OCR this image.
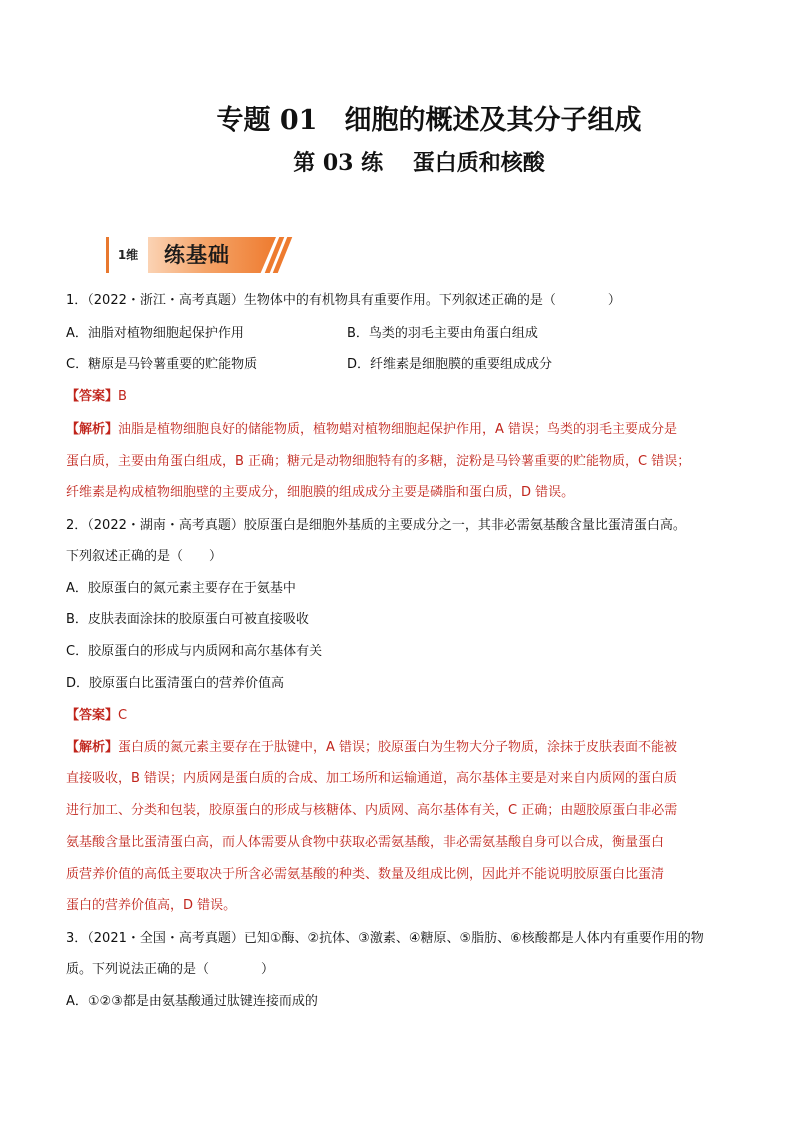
专题 01　细胞的概述及其分子组成
第 03 练　 蛋白质和核酸
1维	练基础
1．（2022・浙江・高考真题）生物体中的有机物具有重要作用。下列叙述正确的是（　　　　）
A．油脂对植物细胞起保护作用	B．鸟类的羽毛主要由角蛋白组成
C．糖原是马铃薯重要的贮能物质	D．纤维素是细胞膜的重要组成成分
【答案】B
【解析】油脂是植物细胞良好的储能物质，植物蜡对植物细胞起保护作用，A 错误；鸟类的羽毛主要成分是
蛋白质，主要由角蛋白组成，B 正确；糖元是动物细胞特有的多糖，淀粉是马铃薯重要的贮能物质，C 错误；
纤维素是构成植物细胞壁的主要成分，细胞膜的组成成分主要是磷脂和蛋白质，D 错误。
2．（2022・湖南・高考真题）胶原蛋白是细胞外基质的主要成分之一，其非必需氨基酸含量比蛋清蛋白高。
下列叙述正确的是（　　）
A．胶原蛋白的氮元素主要存在于氨基中
B．皮肤表面涂抹的胶原蛋白可被直接吸收
C．胶原蛋白的形成与内质网和高尔基体有关
D．胶原蛋白比蛋清蛋白的营养价值高
【答案】C
【解析】蛋白质的氮元素主要存在于肽键中，A 错误；胶原蛋白为生物大分子物质，涂抹于皮肤表面不能被
直接吸收，B 错误；内质网是蛋白质的合成、加工场所和运输通道，高尔基体主要是对来自内质网的蛋白质
进行加工、分类和包装，胶原蛋白的形成与核糖体、内质网、高尔基体有关，C 正确；由题胶原蛋白非必需
氨基酸含量比蛋清蛋白高，而人体需要从食物中获取必需氨基酸，非必需氨基酸自身可以合成，衡量蛋白
质营养价值的高低主要取决于所含必需氨基酸的种类、数量及组成比例，因此并不能说明胶原蛋白比蛋清
蛋白的营养价值高，D 错误。
3．（2021・全国・高考真题）已知①酶、②抗体、③激素、④糖原、⑤脂肪、⑥核酸都是人体内有重要作用的物
质。下列说法正确的是（　　　　）
A．①②③都是由氨基酸通过肽键连接而成的
